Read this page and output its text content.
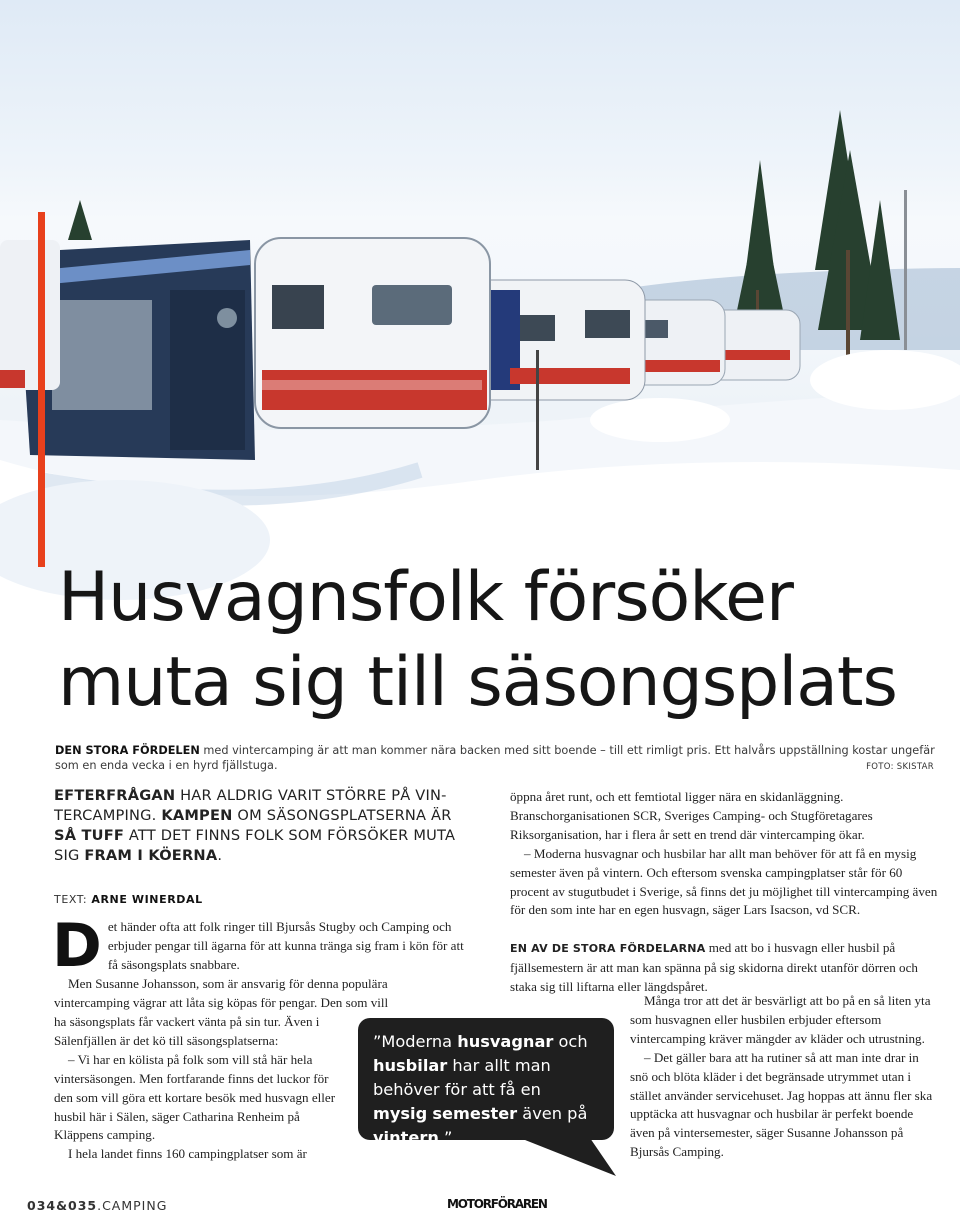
Husvagnsfolk försöker
muta sig till säsongsplats
DEN STORA FÖRDELEN med vintercamping är att man kommer nära backen med sitt boende – till ett rimligt pris. Ett halvårs uppställning kostar ungefär som en enda vecka i en hyrd fjällstuga.	FOTO: SKISTAR

EFTERFRÅGAN HAR ALDRIG VARIT STÖRRE PÅ VIN-TERCAMPING. KAMPEN OM SÄSONGSPLATSERNA ÄR SÅ TUFF ATT DET FINNS FOLK SOM FÖRSÖKER MUTA SIG FRAM I KÖERNA.

TEXT: ARNE WINERDAL

Det händer ofta att folk ringer till Bjursås Stugby och Camping och erbjuder pengar till ägarna för att kunna tränga sig fram i kön för att få säsongsplats snabbare.

Men Susanne Johansson, som är ansvarig för denna populära vintercamping vägrar att låta sig köpas för pengar. Den som vill

ha säsongsplats får vackert vänta på sin tur. Även i Sälenfjällen är det kö till säsongsplatserna:

– Vi har en kölista på folk som vill stå här hela vintersäsongen. Men fortfarande finns det luckor för den som vill göra ett kortare besök med husvagn eller husbil här i Sälen, säger Catharina Renheim på Kläppens camping.

I hela landet finns 160 campingplatser som är

öppna året runt, och ett femtiotal ligger nära en skidanläggning. Branschorganisationen SCR, Sveriges Camping- och Stugföretagares Riksorganisation, har i flera år sett en trend där vintercamping ökar.

– Moderna husvagnar och husbilar har allt man behöver för att få en mysig semester även på vintern. Och eftersom svenska campingplatser står för 60 procent av stugutbudet i Sverige, så finns det ju möjlighet till vintercamping även för den som inte har en egen husvagn, säger Lars Isacson, vd SCR.

EN AV DE STORA FÖRDELARNA med att bo i husvagn eller husbil på fjällsemestern är att man kan spänna på sig skidorna direkt utanför dörren och staka sig till liftarna eller längdspåret.

Många tror att det är besvärligt att bo på en så liten yta som husvagnen eller husbilen erbjuder eftersom vintercamping kräver mängder av kläder och utrustning.

– Det gäller bara att ha rutiner så att man inte drar in snö och blöta kläder i det begränsade utrymmet utan i stället använder servicehuset. Jag hoppas att ännu fler ska upptäcka att husvagnar och husbilar är perfekt boende även på vintersemester, säger Susanne Johansson på Bjursås Camping.

”Moderna husvagnar och husbilar har allt man behöver för att få en mysig semester även på vintern.”
034&035.CAMPING	MOTORFÖRAREN
